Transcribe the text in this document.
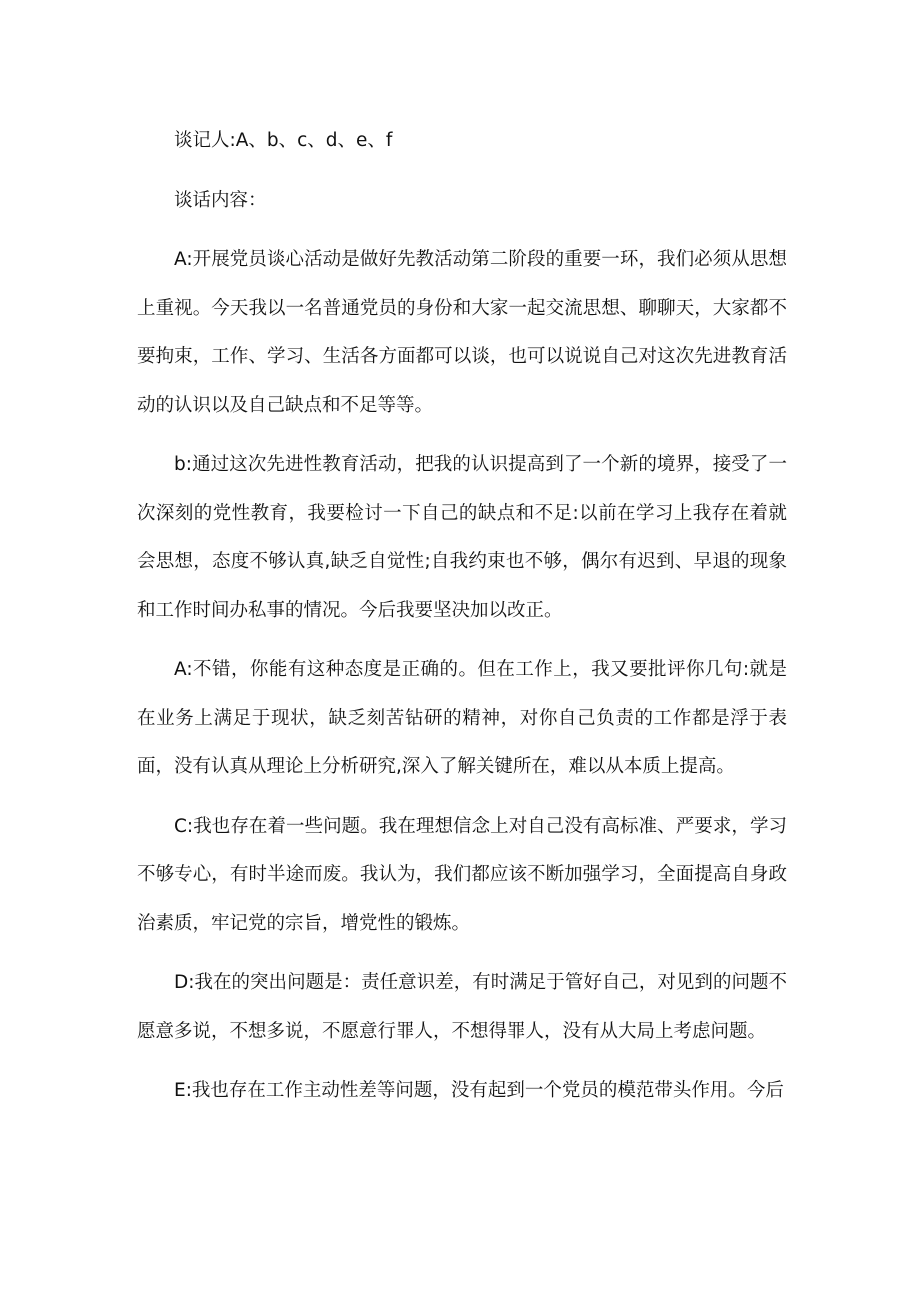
谈记人:A、b、c、d、e、f

谈话内容：

A:开展党员谈心活动是做好先教活动第二阶段的重要一环，我们必须从思想上重视。今天我以一名普通党员的身份和大家一起交流思想、聊聊天，大家都不要拘束，工作、学习、生活各方面都可以谈，也可以说说自己对这次先进教育活动的认识以及自己缺点和不足等等。

b:通过这次先进性教育活动，把我的认识提高到了一个新的境界，接受了一次深刻的党性教育，我要检讨一下自己的缺点和不足:以前在学习上我存在着就会思想，态度不够认真,缺乏自觉性;自我约束也不够，偶尔有迟到、早退的现象和工作时间办私事的情况。今后我要坚决加以改正。

A:不错，你能有这种态度是正确的。但在工作上，我又要批评你几句:就是在业务上满足于现状，缺乏刻苦钻研的精神，对你自己负责的工作都是浮于表面，没有认真从理论上分析研究,深入了解关键所在，难以从本质上提高。

C:我也存在着一些问题。我在理想信念上对自己没有高标准、严要求，学习不够专心，有时半途而废。我认为，我们都应该不断加强学习，全面提高自身政治素质，牢记党的宗旨，增党性的锻炼。

D:我在的突出问题是：责任意识差，有时满足于管好自己，对见到的问题不愿意多说，不想多说，不愿意行罪人，不想得罪人，没有从大局上考虑问题。

E:我也存在工作主动性差等问题，没有起到一个党员的模范带头作用。今后
